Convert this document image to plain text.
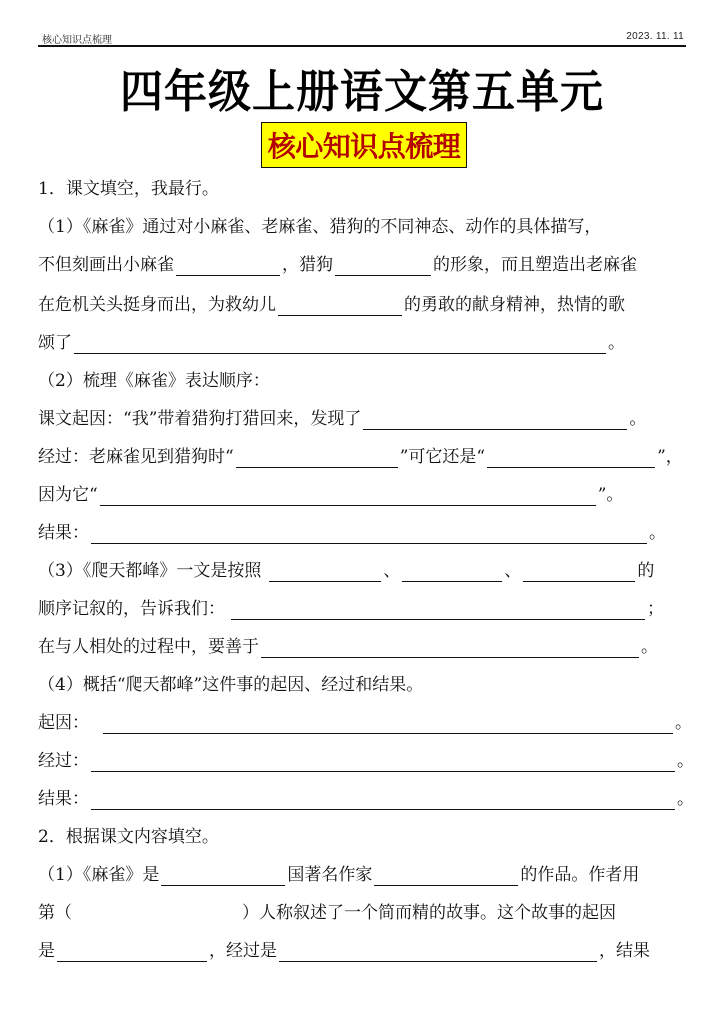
核心知识点梳理	2023. 11. 11
四年级上册语文第五单元
核心知识点梳理
1．课文填空，我最行。
（1）《麻雀》通过对小麻雀、老麻雀、猎狗的不同神态、动作的具体描写，
不但刻画出小麻雀	，猎狗	的形象，而且塑造出老麻雀
在危机关头挺身而出，为救幼儿	的勇敢的献身精神，热情的歌
颂了	。
（2）梳理《麻雀》表达顺序：
课文起因：“我”带着猎狗打猎回来，发现了	。
经过：老麻雀见到猎狗时“	”可它还是“	”，
因为它“	”。
结果：	。
（3）《爬天都峰》一文是按照	、	、	的
顺序记叙的，告诉我们：	；
在与人相处的过程中，要善于	。
（4）概括“爬天都峰”这件事的起因、经过和结果。
起因：	。
经过：	。
结果：	。
2．根据课文内容填空。
（1）《麻雀》是	国著名作家	的作品。作者用
第（	）人称叙述了一个简而精的故事。这个故事的起因
是	，经过是	，结果
